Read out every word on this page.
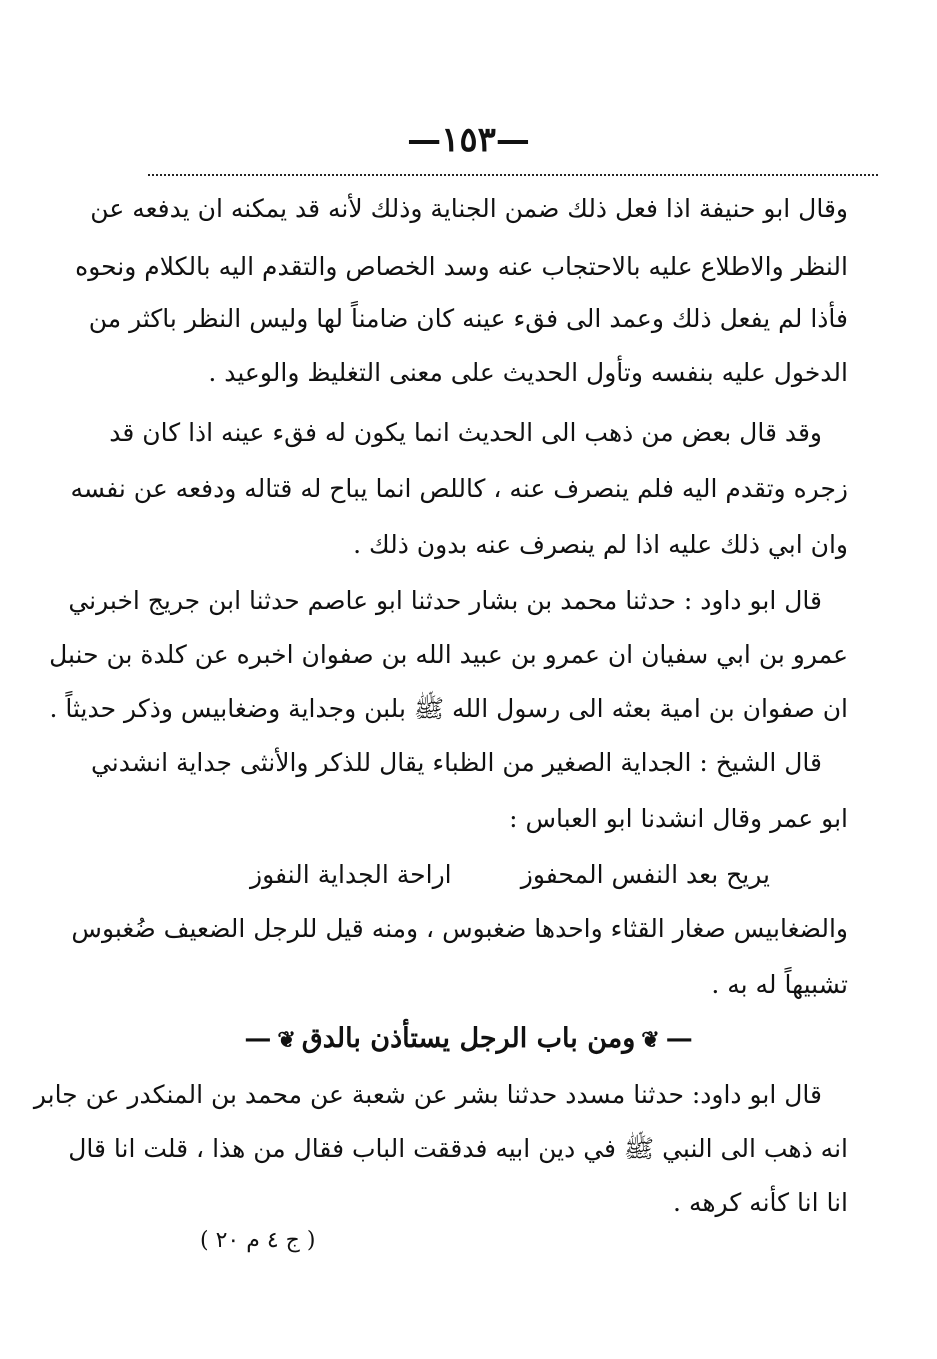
—١٥٣—
وقال ابو حنيفة اذا فعل ذلك ضمن الجناية وذلك لأنه قد يمكنه ان يدفعه عن
النظر والاطلاع عليه بالاحتجاب عنه وسد الخصاص والتقدم اليه بالكلام ونحوه
فأذا لم يفعل ذلك وعمد الى فقء عينه كان ضامناً لها وليس النظر باكثر من
الدخول عليه بنفسه وتأول الحديث على معنى التغليظ والوعيد .
وقد قال بعض من ذهب الى الحديث انما يكون له فقء عينه اذا كان قد
زجره وتقدم اليه فلم ينصرف عنه ، كاللص انما يباح له قتاله ودفعه عن نفسه
وان ابي ذلك عليه اذا لم ينصرف عنه بدون ذلك .
قال ابو داود : حدثنا محمد بن بشار حدثنا ابو عاصم حدثنا ابن جريج اخبرني
عمرو بن ابي سفيان ان عمرو بن عبيد الله بن صفوان اخبره عن كلدة بن حنبل
ان صفوان بن امية بعثه الى رسول الله ﷺ بلبن وجداية وضغابيس وذكر حديثاً .
قال الشيخ : الجداية الصغير من الظباء يقال للذكر والأنثى جداية انشدني
ابو عمر وقال انشدنا ابو العباس :
يريح بعد النفس المحفوز
اراحة الجداية النفوز
والضغابيس صغار القثاء واحدها ضغبوس ، ومنه قيل للرجل الضعيف ضُغبوس
تشبيهاً له به .
—❦ومن باب الرجل يستأذن بالدق❦—
قال ابو داود: حدثنا مسدد حدثنا بشر عن شعبة عن محمد بن المنكدر عن جابر
انه ذهب الى النبي ﷺ في دين ابيه فدققت الباب فقال من هذا ، قلت انا قال
انا انا كأنه كرهه .
( ج ٤ م ٢٠ )
